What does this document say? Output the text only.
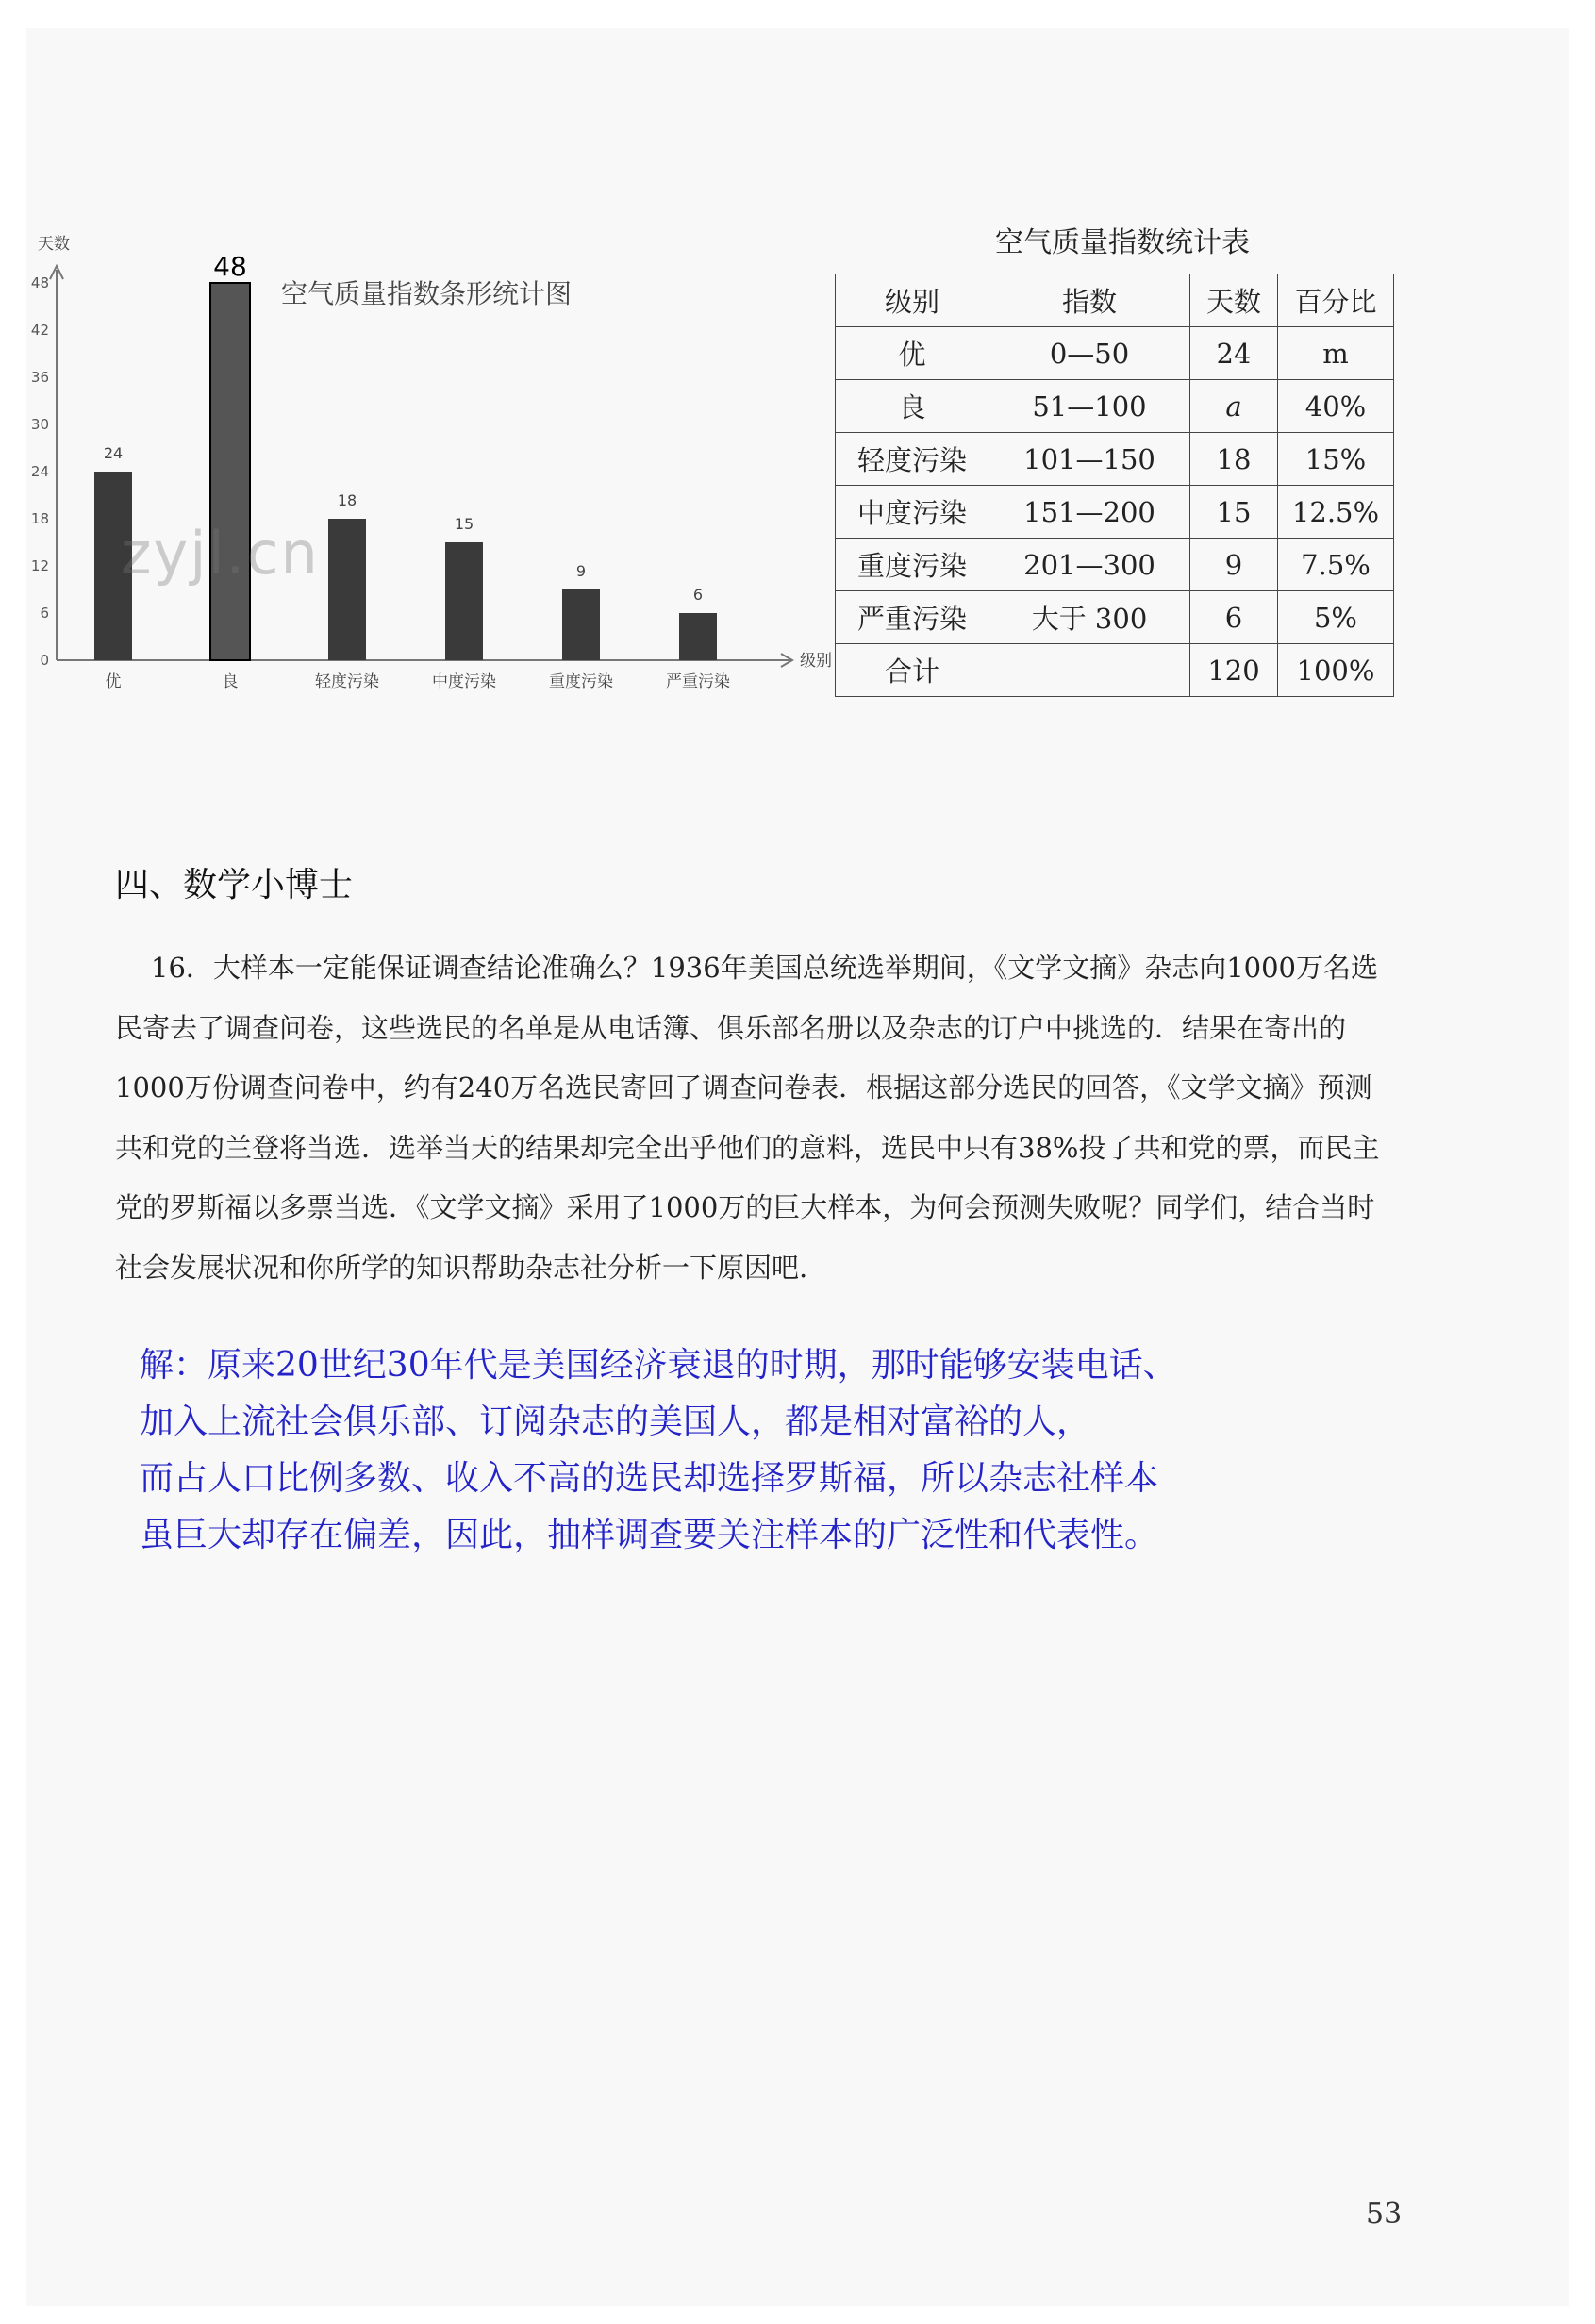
空气质量指数条形统计图
天数
级别
0
6
12
18
24
30
36
42
48
24
优
48
良
18
轻度污染
15
中度污染
9
重度污染
6
严重污染
zyjl.cn
空气质量指数统计表
级别	指数	天数	百分比
优	0—50	24	m
良	51—100	a	40%
轻度污染	101—150	18	15%
中度污染	151—200	15	12.5%
重度污染	201—300	9	7.5%
严重污染	大于 300	6	5%
合计		120	100%
四、数学小博士

16．大样本一定能保证调查结论准确么？1936年美国总统选举期间，《文学文摘》杂志向1000万名选民寄去了调查问卷，这些选民的名单是从电话簿、俱乐部名册以及杂志的订户中挑选的．结果在寄出的1000万份调查问卷中，约有240万名选民寄回了调查问卷表．根据这部分选民的回答，《文学文摘》预测共和党的兰登将当选．选举当天的结果却完全出乎他们的意料，选民中只有38%投了共和党的票，而民主党的罗斯福以多票当选．《文学文摘》采用了1000万的巨大样本，为何会预测失败呢？同学们，结合当时社会发展状况和你所学的知识帮助杂志社分析一下原因吧.

解：原来20世纪30年代是美国经济衰退的时期，那时能够安装电话、
加入上流社会俱乐部、订阅杂志的美国人，都是相对富裕的人，
而占人口比例多数、收入不高的选民却选择罗斯福，所以杂志社样本
虽巨大却存在偏差，因此，抽样调查要关注样本的广泛性和代表性。
53
